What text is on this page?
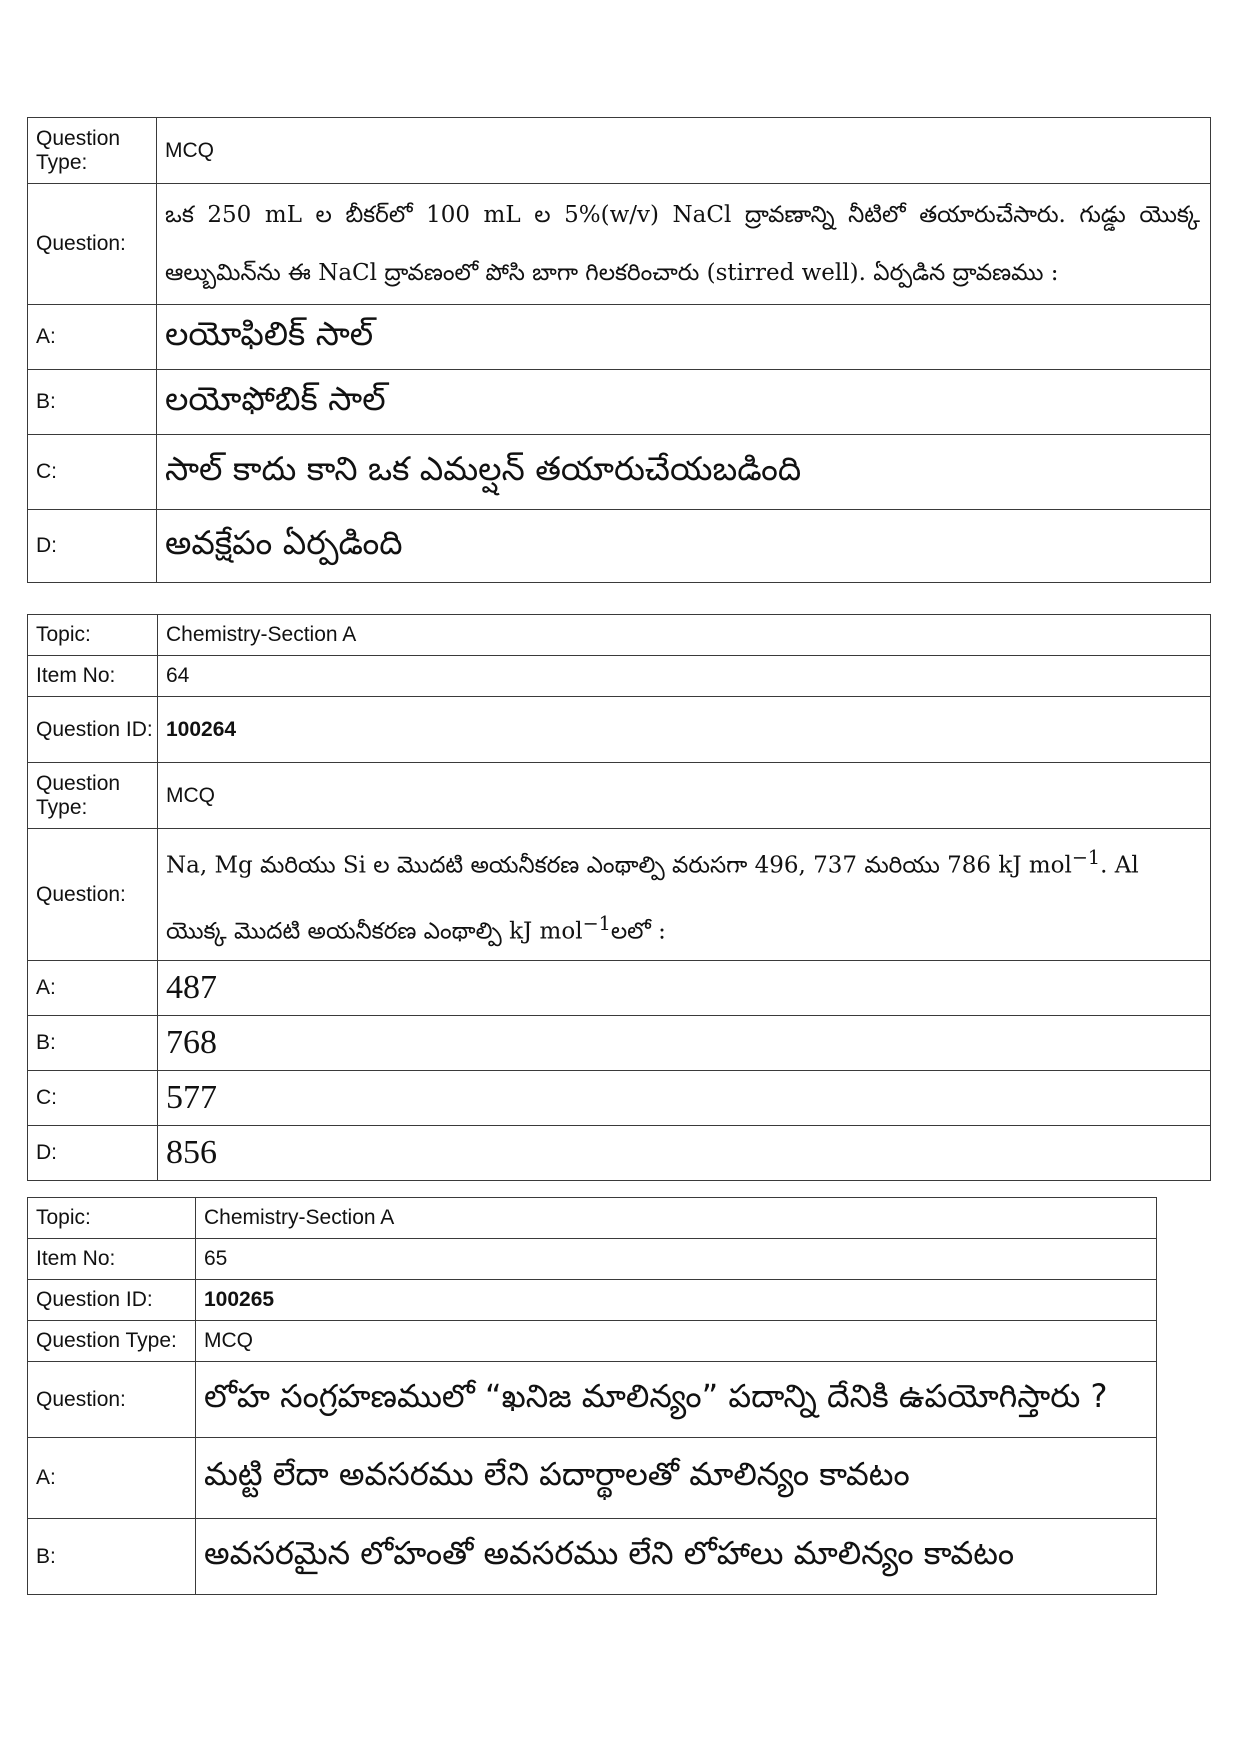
Question Type:	MCQ
Question:	ఒక 250 mL ల బీకర్‌లో 100 mL ల 5%(w/v) NaCl ద్రావణాన్ని నీటిలో తయారుచేసారు. గుడ్డు యొక్క ఆల్బుమిన్‌ను ఈ NaCl ద్రావణంలో పోసి బాగా గిలకరించారు (stirred well). ఏర్పడిన ద్రావణము :

A:	లయోఫిలిక్ సాల్
B:	లయోఫోబిక్ సాల్
C:	సాల్ కాదు కాని ఒక ఎమల్షన్ తయారుచేయబడింది
D:	అవక్షేపం ఏర్పడింది
Topic:	Chemistry-Section A
Item No:	64
Question ID:	100264
Question Type:	MCQ
Question:	Na, Mg మరియు Si ల మొదటి అయనీకరణ ఎంథాల్పి వరుసగా 496, 737 మరియు 786 kJ mol$^{-1}$. Al
యొక్క మొదటి అయనీకరణ ఎంథాల్పి kJ mol$^{-1}$లలో :

A:	487
B:	768
C:	577
D:	856
Topic:	Chemistry-Section A
Item No:	65
Question ID:	100265
Question Type:	MCQ
Question:	లోహ సంగ్రహణములో “ఖనిజ మాలిన్యం” పదాన్ని దేనికి ఉపయోగిస్తారు ?
A:	మట్టి లేదా అవసరము లేని పదార్థాలతో మాలిన్యం కావటం
B:	అవసరమైన లోహంతో అవసరము లేని లోహాలు మాలిన్యం కావటం
